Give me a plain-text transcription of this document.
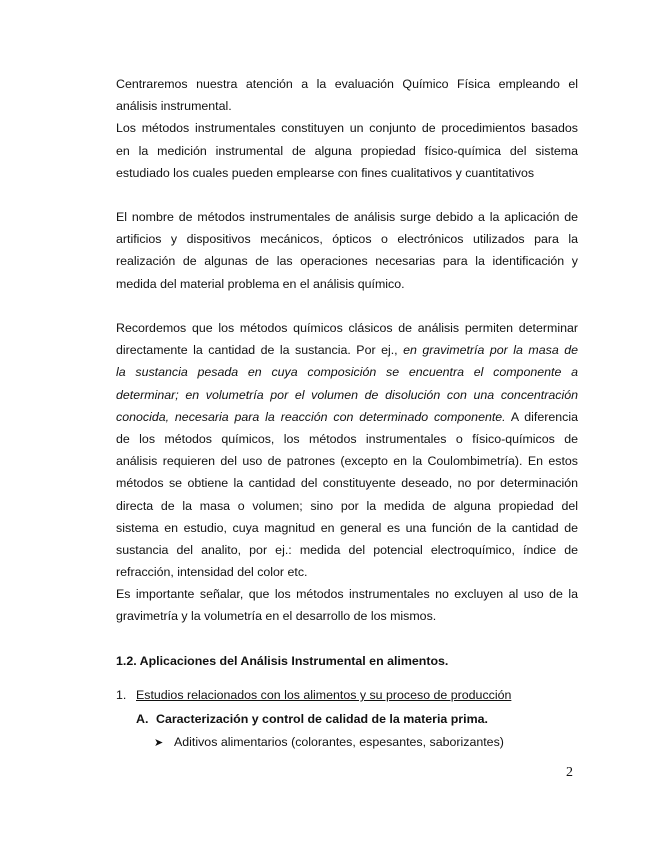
Centraremos nuestra atención a la evaluación Químico Física empleando el
análisis instrumental.
Los métodos instrumentales constituyen un conjunto de procedimientos basados
en la medición instrumental de alguna propiedad físico-química del sistema
estudiado los cuales pueden emplearse con fines cualitativos y cuantitativos
El nombre de métodos instrumentales de análisis surge debido a la aplicación de
artificios y dispositivos mecánicos, ópticos o electrónicos utilizados para la
realización de algunas de las operaciones necesarias para la identificación y
medida del material problema en el análisis químico.
Recordemos que los métodos químicos clásicos de análisis permiten determinar
directamente la cantidad de la sustancia. Por ej., en gravimetría por la masa de
la sustancia pesada en cuya composición se encuentra el componente a
determinar; en volumetría por el volumen de disolución con una concentración
conocida, necesaria para la reacción con determinado componente. A diferencia
de los métodos químicos, los métodos instrumentales o físico-químicos de
análisis requieren del uso de patrones (excepto en la Coulombimetría). En estos
métodos se obtiene la cantidad del constituyente deseado, no por determinación
directa de la masa o volumen; sino por la medida de alguna propiedad del
sistema en estudio, cuya magnitud en general es una función de la cantidad de
sustancia del analito, por ej.: medida del potencial electroquímico, índice de
refracción, intensidad del color etc.
Es importante señalar, que los métodos instrumentales no excluyen al uso de la
gravimetría y la volumetría en el desarrollo de los mismos.
1.2. Aplicaciones del Análisis Instrumental en alimentos.
1. Estudios relacionados con los alimentos y su proceso de producción
A. Caracterización y control de calidad de la materia prima.
➤ Aditivos alimentarios (colorantes, espesantes, saborizantes)
2
